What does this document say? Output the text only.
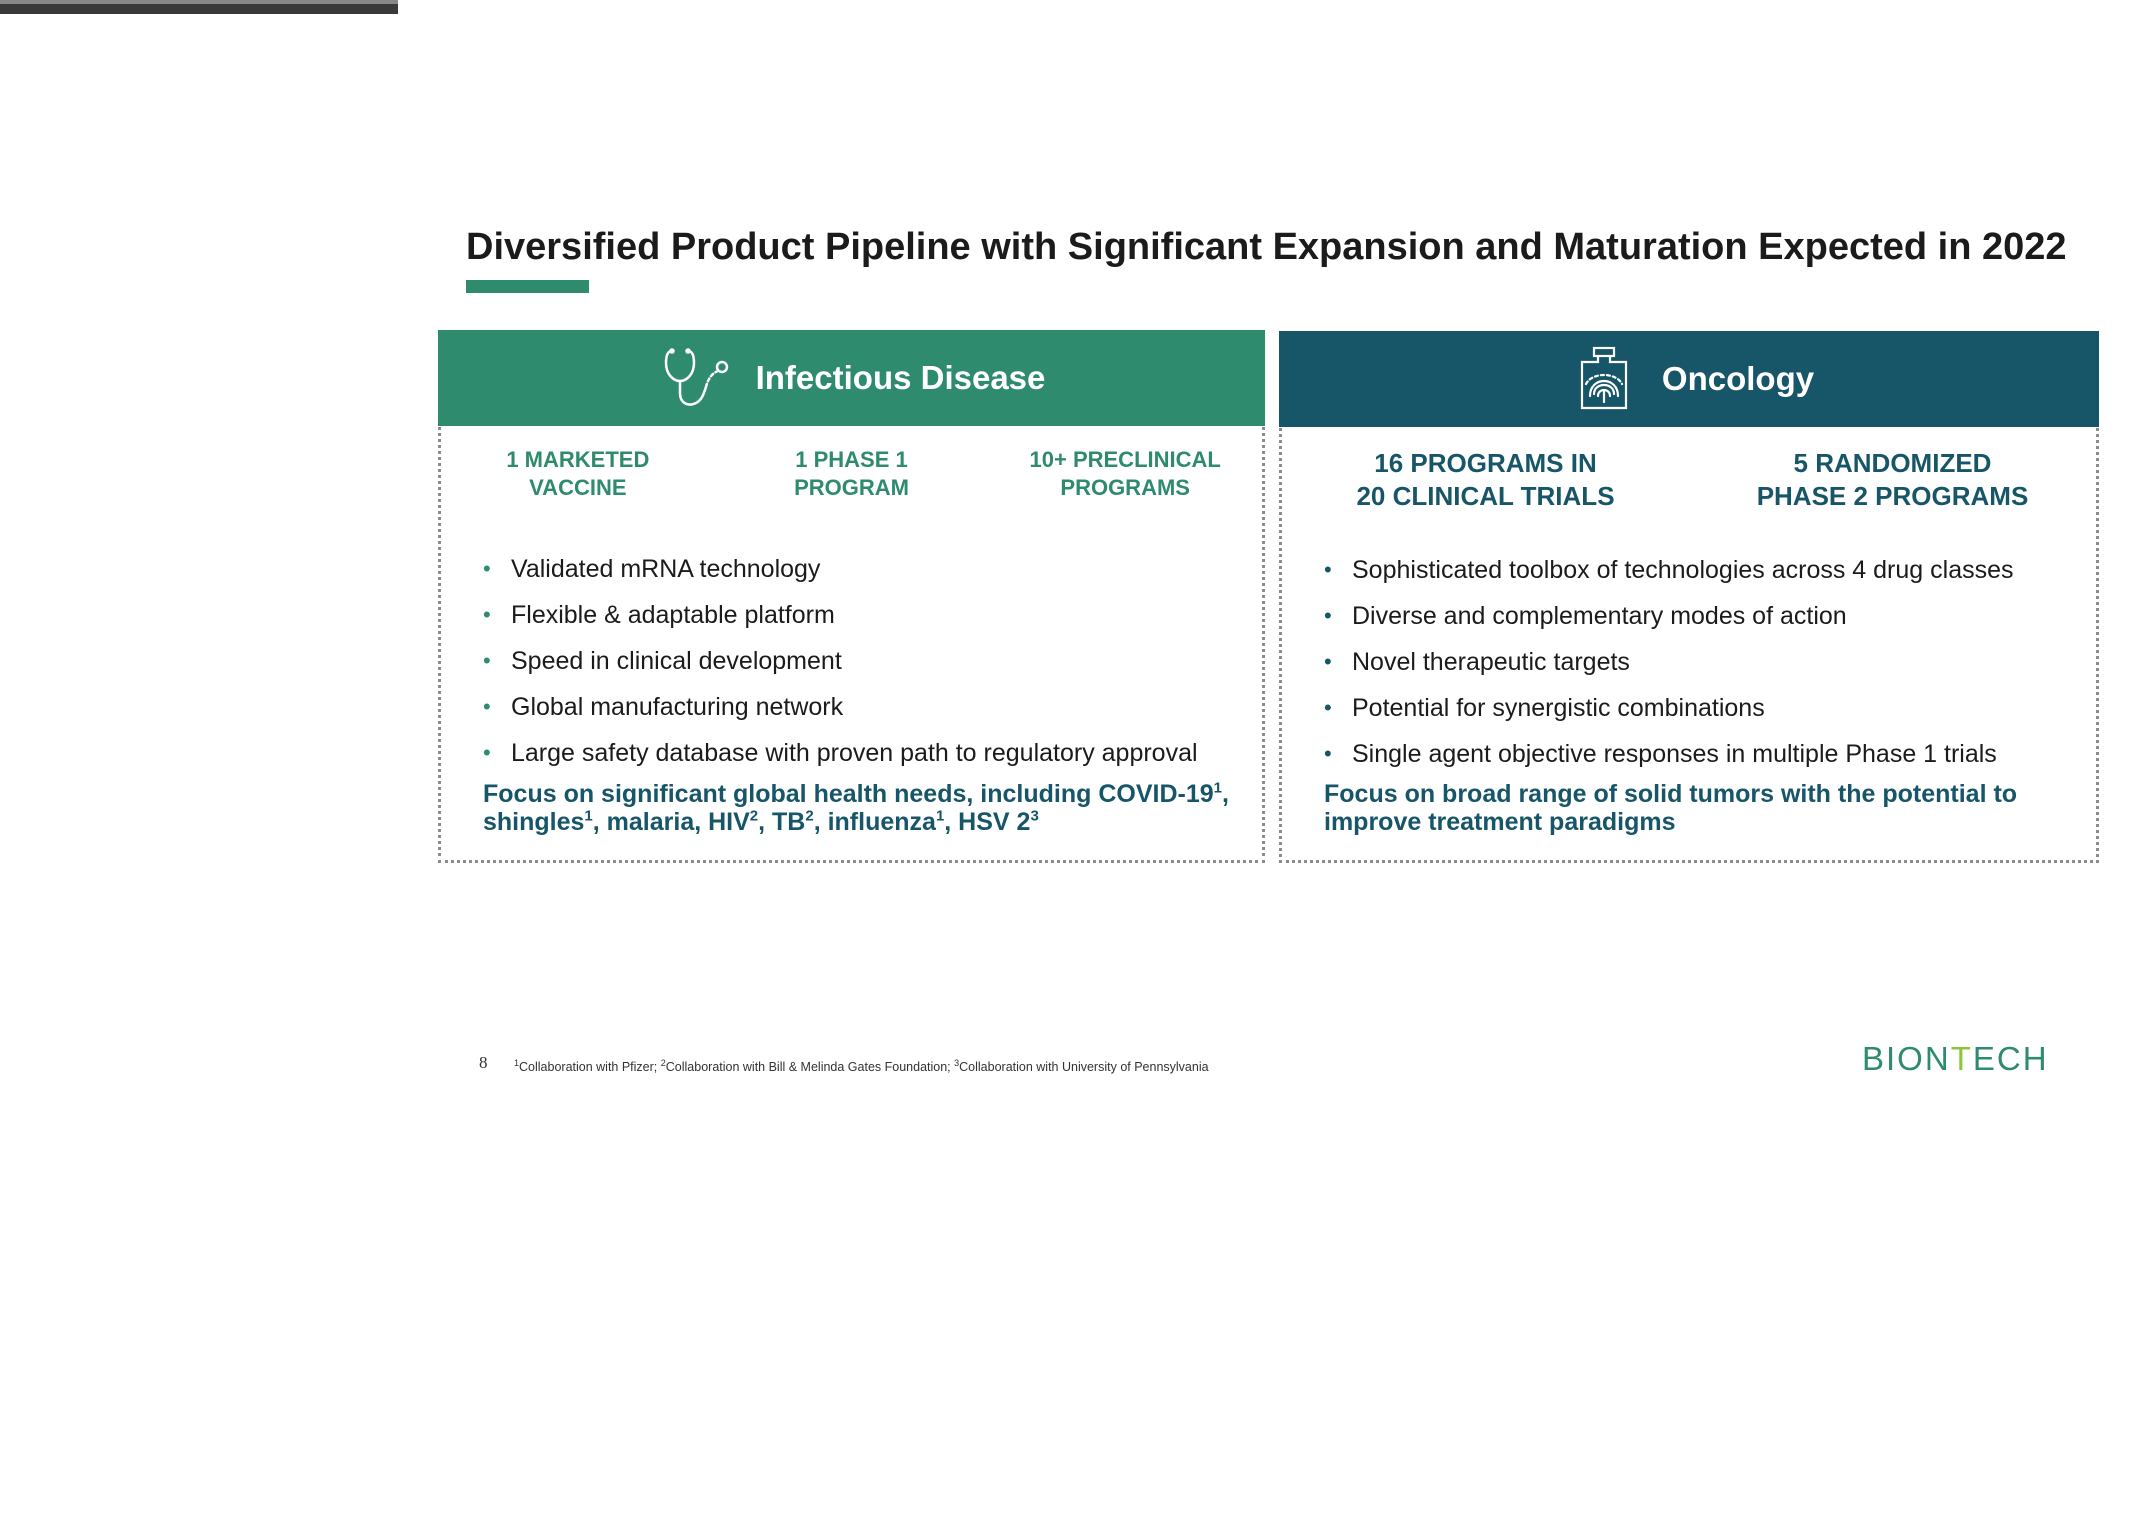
Diversified Product Pipeline with Significant Expansion and Maturation Expected in 2022
Infectious Disease
1 MARKETED
VACCINE
1 PHASE 1
PROGRAM
10+ PRECLINICAL
PROGRAMS
• Validated mRNA technology
• Flexible & adaptable platform
• Speed in clinical development
• Global manufacturing network
• Large safety database with proven path to regulatory approval
Focus on significant global health needs, including COVID-$19^1$, shingles$^1$, malaria, HIV$^2$, $TB^2$, influenza$^1$, HSV $2^3$
Oncology
16 PROGRAMS IN
20 CLINICAL TRIALS
5 RANDOMIZED
PHASE 2 PROGRAMS
• Sophisticated toolbox of technologies across 4 drug classes
• Diverse and complementary modes of action
• Novel therapeutic targets
• Potential for synergistic combinations
• Single agent objective responses in multiple Phase 1 trials
Focus on broad range of solid tumors with the potential to improve treatment paradigms
8	$^1$Collaboration with Pfizer; $^2$Collaboration with Bill & Melinda Gates Foundation; $^3$Collaboration with University of Pennsylvania	BIONTECH
